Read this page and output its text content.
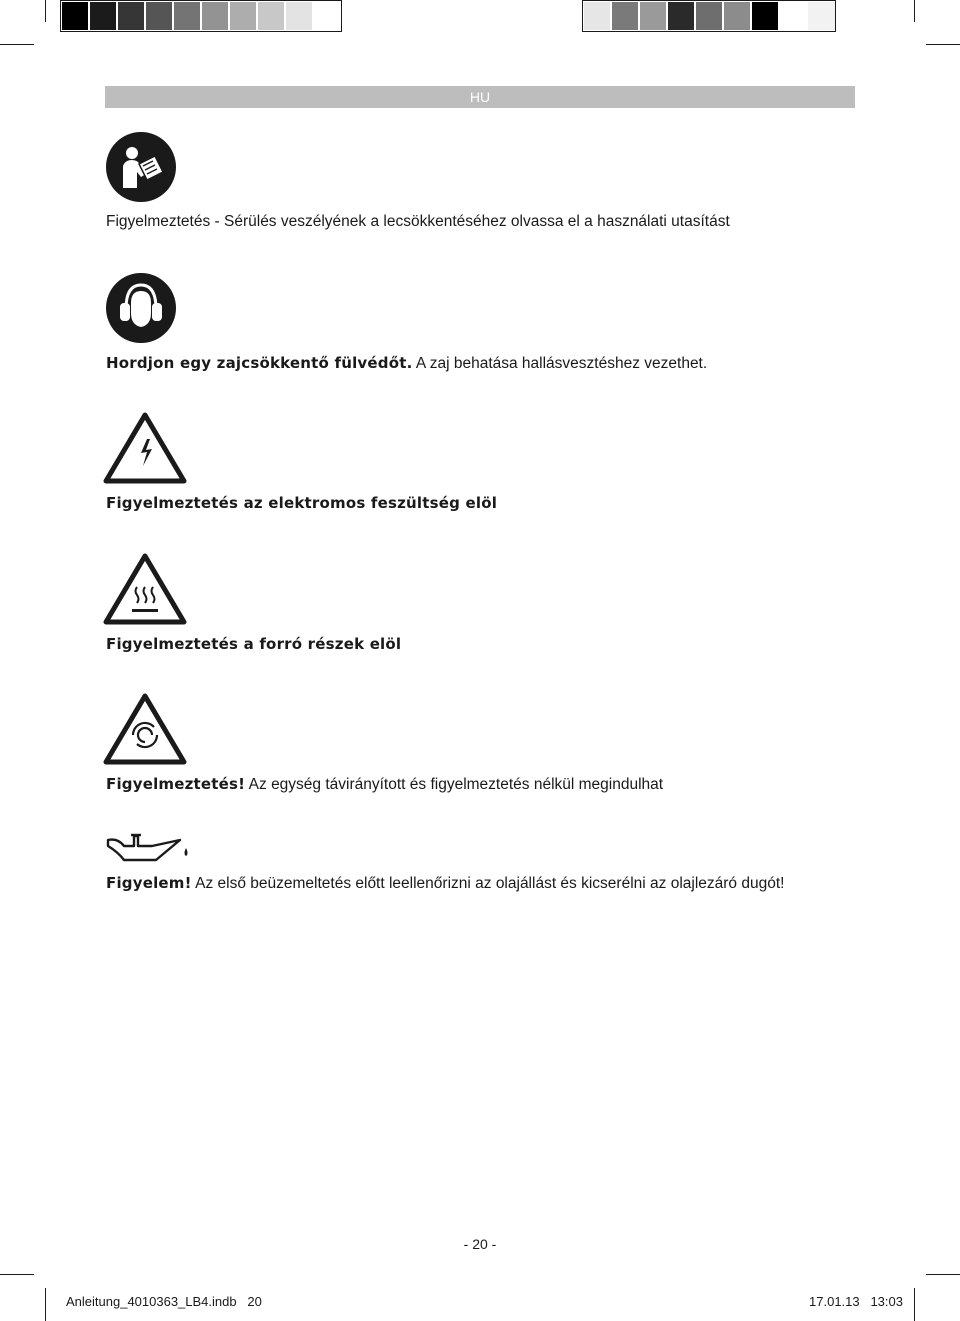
HU
Figyelmeztetés - Sérülés veszélyének a lecsökkentéséhez olvassa el a használati utasítást
Hordjon egy zajcsökkentő fülvédőt. A zaj behatása hallásvesztéshez vezethet.
Figyelmeztetés az elektromos feszültség elöl
Figyelmeztetés a forró részek elöl
Figyelmeztetés! Az egység távirányított és figyelmeztetés nélkül megindulhat
Figyelem! Az első beüzemeltetés előtt leellenőrizni az olajállást és kicserélni az olajlezáró dugót!
- 20 -
Anleitung_4010363_LB4.indb   20	17.01.13   13:03
